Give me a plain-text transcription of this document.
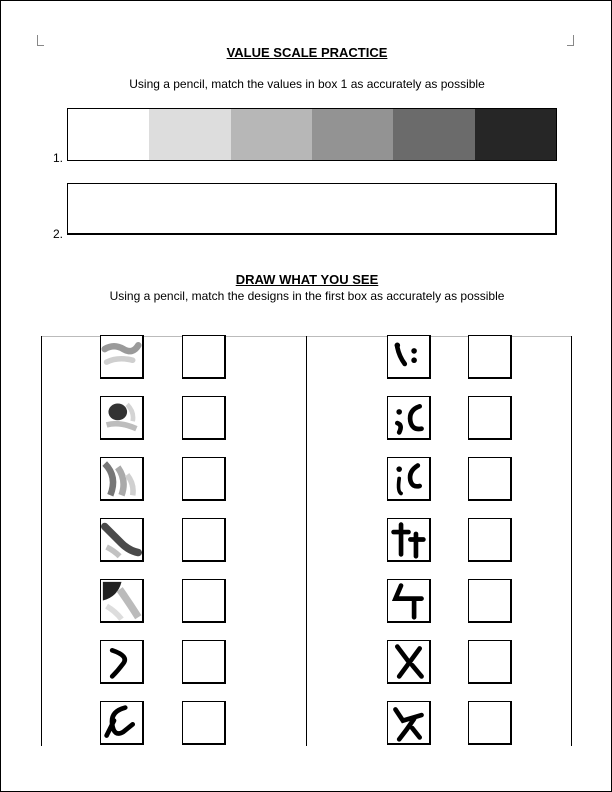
VALUE SCALE PRACTICE
Using a pencil, match the values in box 1 as accurately as possible
1.
2.
DRAW WHAT YOU SEE
Using a pencil, match the designs in the first box as accurately as possible
